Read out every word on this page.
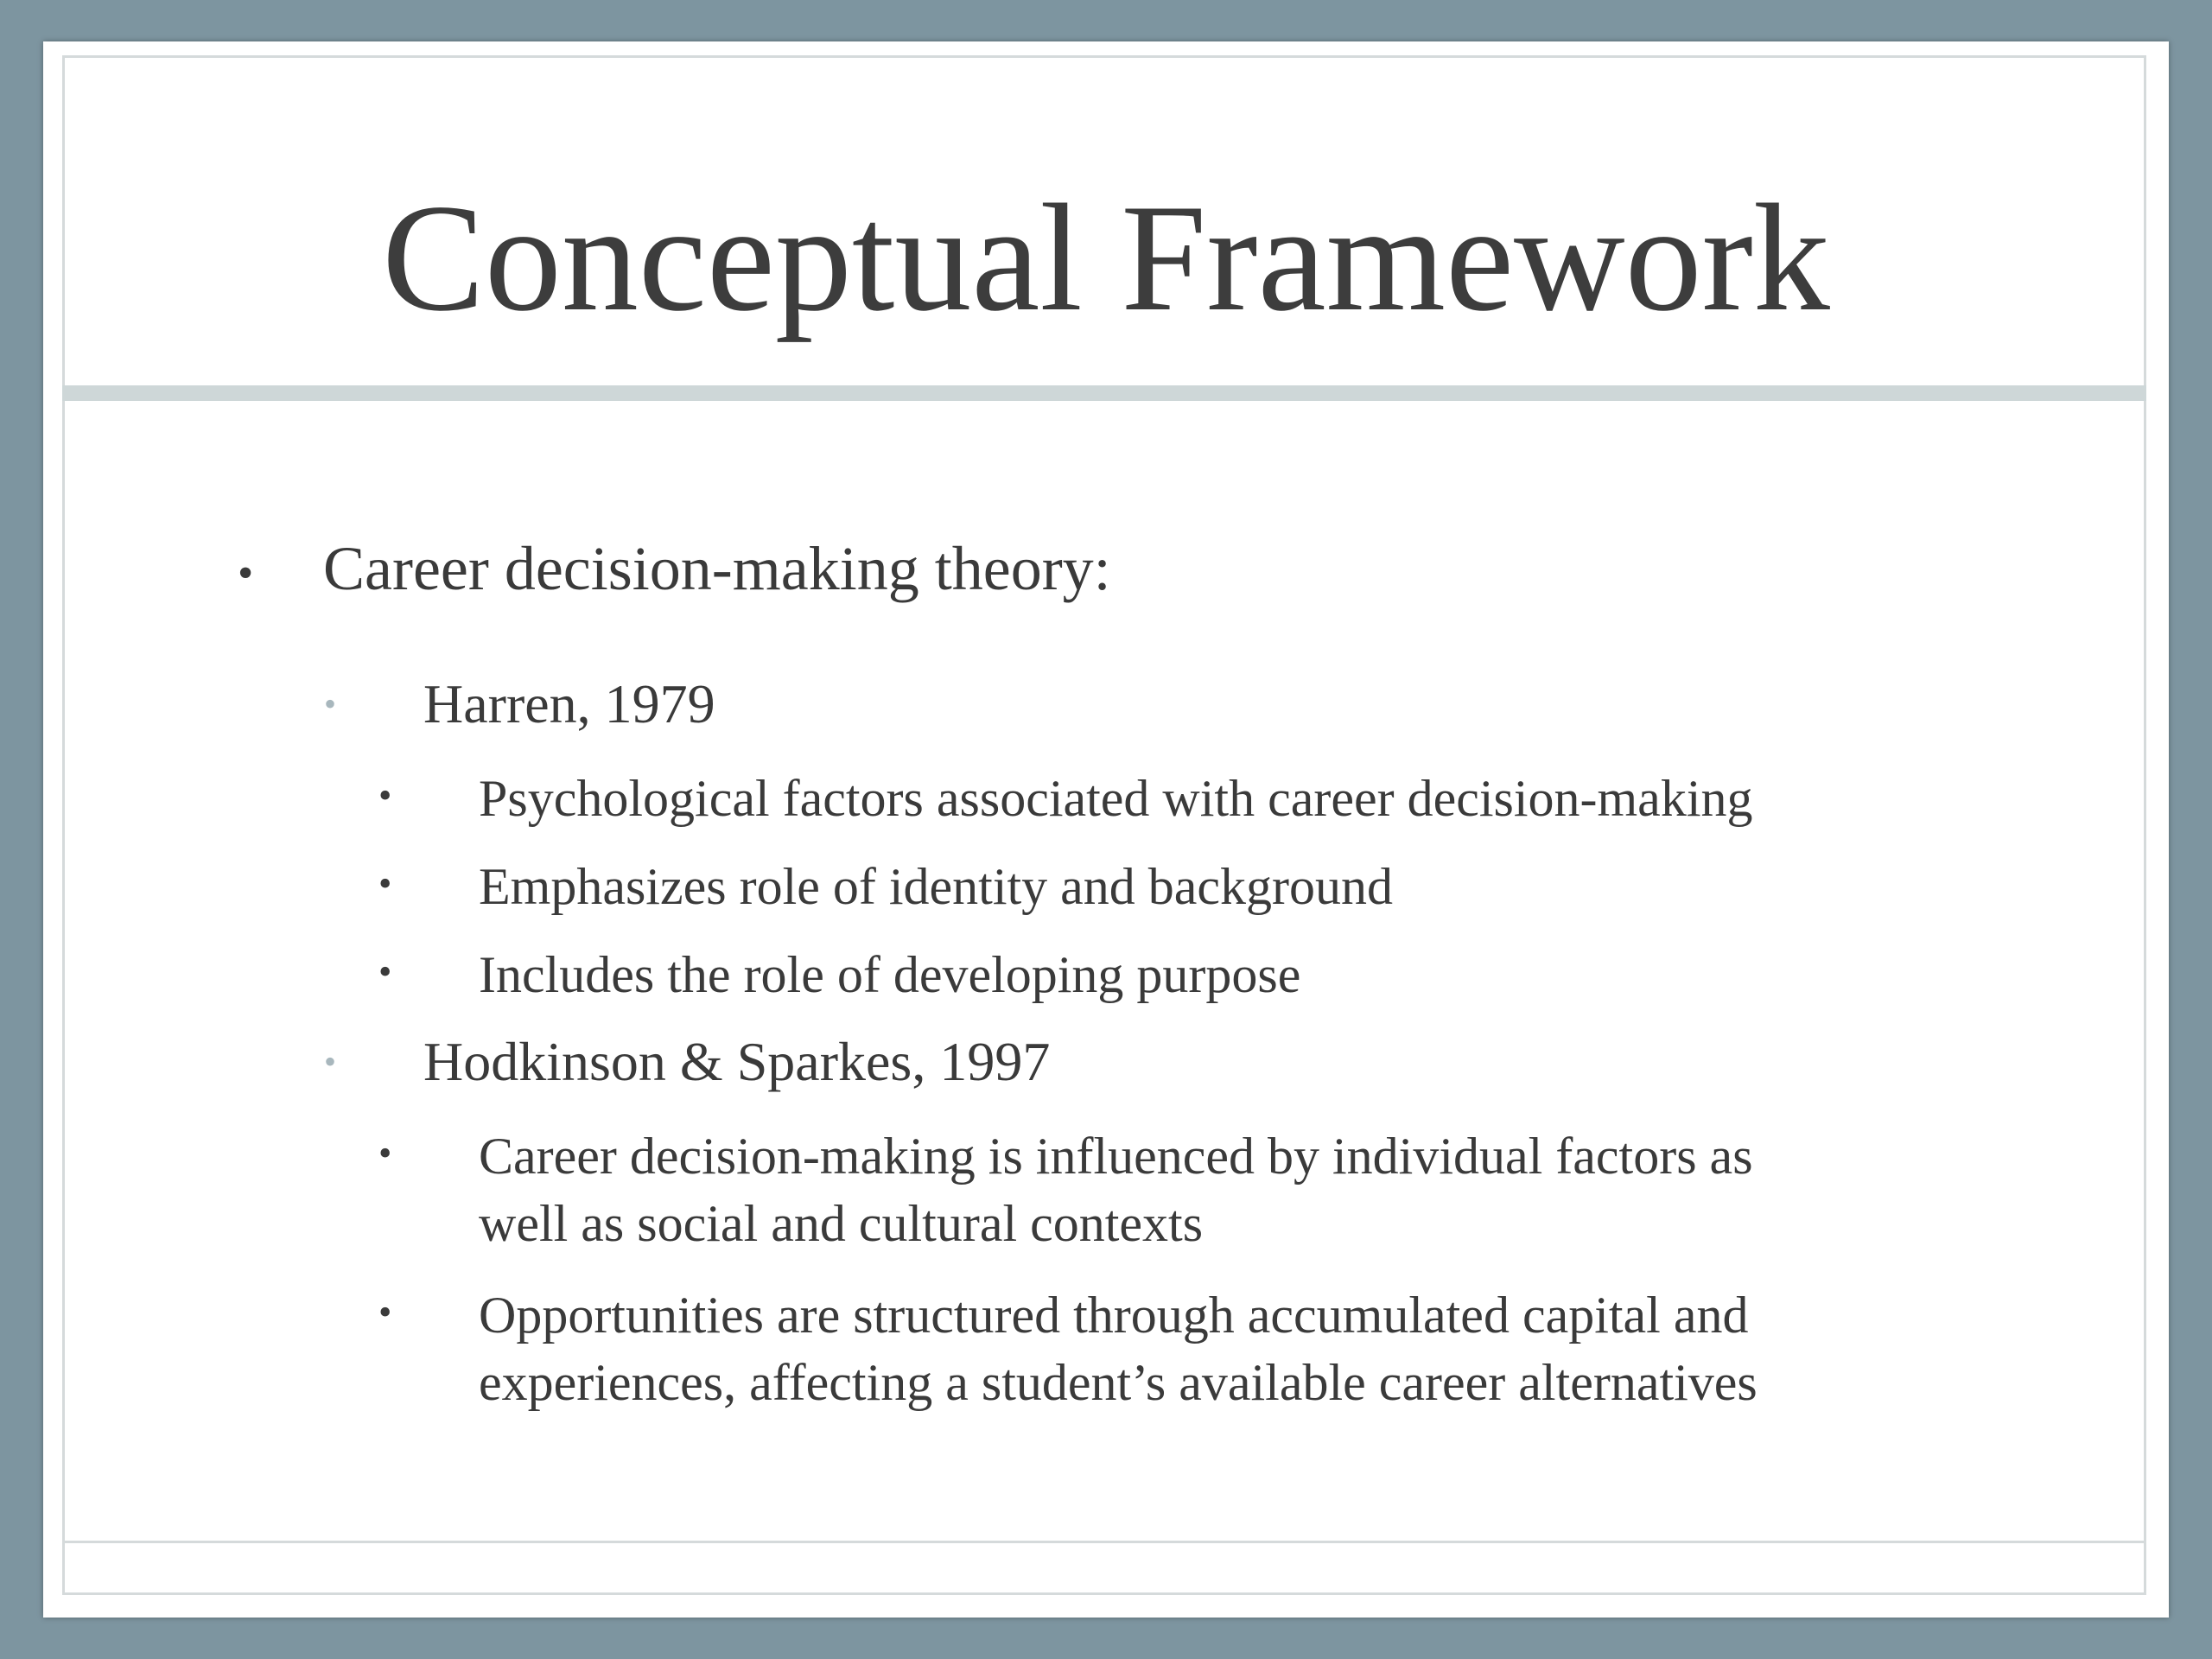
Conceptual Framework
• Career decision-making theory:
• Harren, 1979
• Psychological factors associated with career decision-making
• Emphasizes role of identity and background
• Includes the role of developing purpose
• Hodkinson & Sparkes, 1997
• Career decision-making is influenced by individual factors as
well as social and cultural contexts
• Opportunities are structured through accumulated capital and
experiences, affecting a student’s available career alternatives
